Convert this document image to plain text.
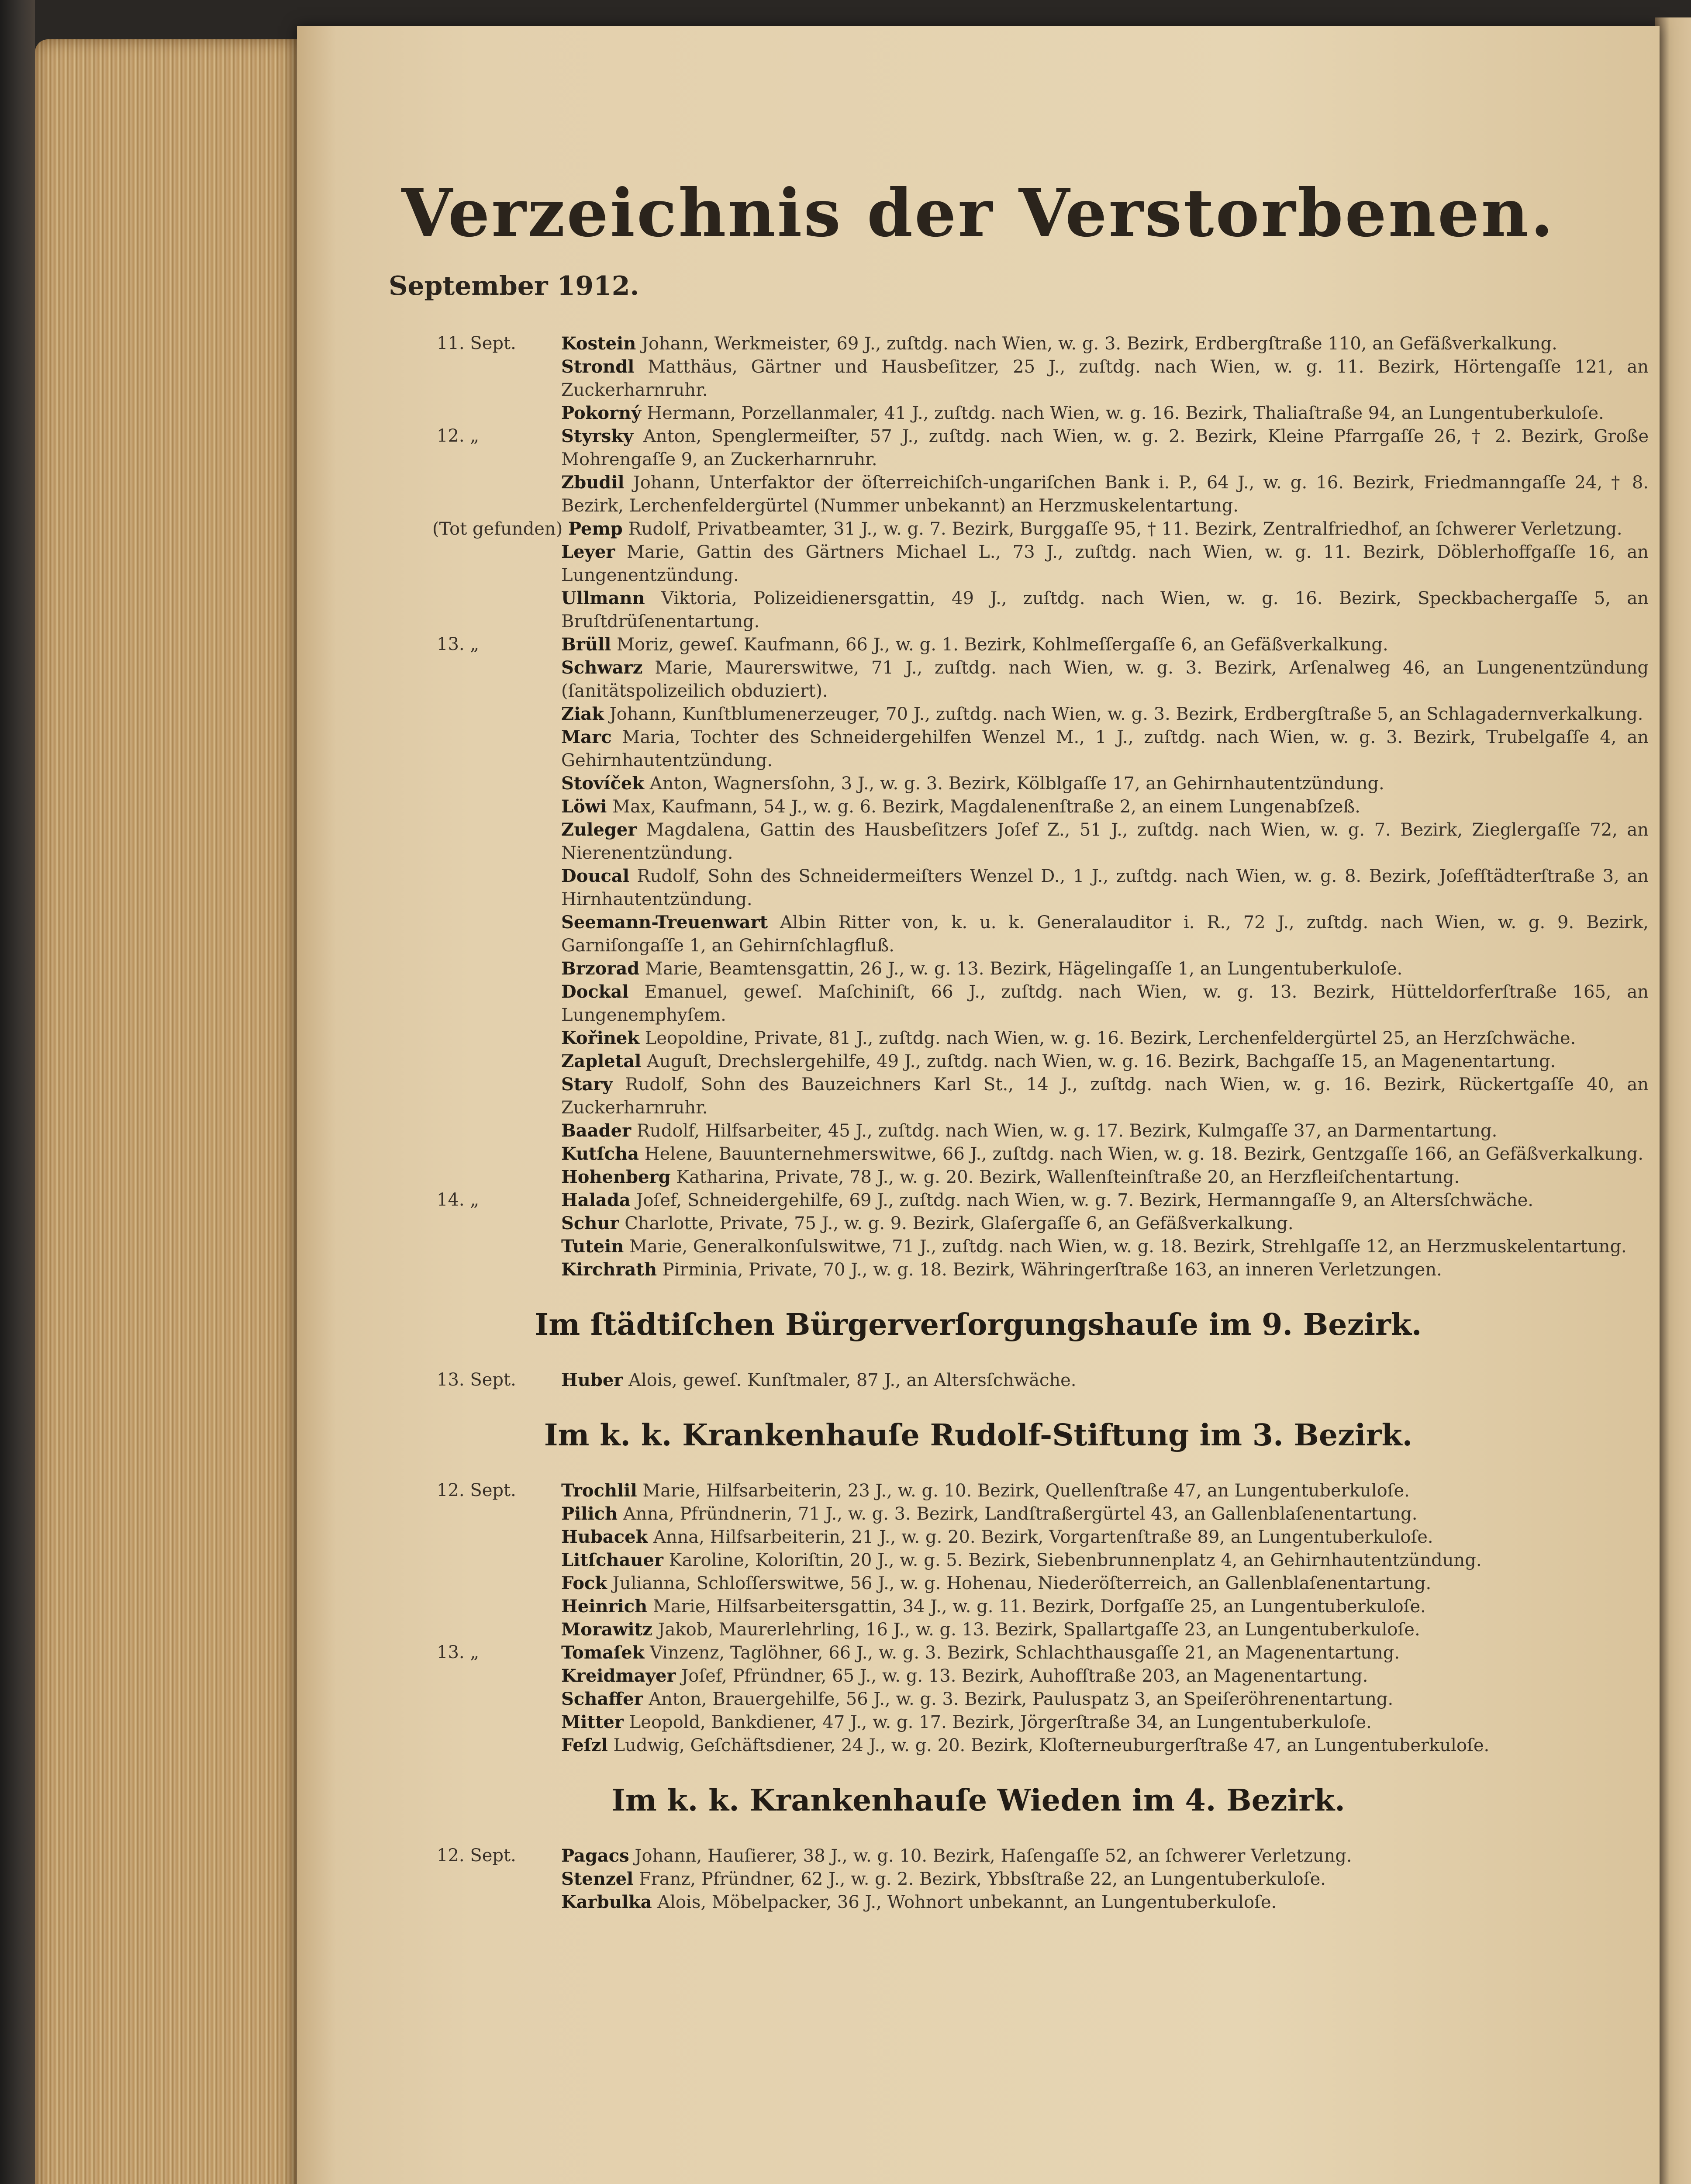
Verzeichnis der Verstorbenen.
September 1912.
11. Sept.	Kostein Johann, Werkmeister, 69 J., zuſtdg. nach Wien, w. g. 3. Bezirk, Erdbergſtraße 110, an Gefäßverkalkung.
Strondl Matthäus, Gärtner und Hausbeſitzer, 25 J., zuſtdg. nach Wien, w. g. 11. Bezirk, Hörtengaſſe 121, an Zuckerharnruhr.
Pokorný Hermann, Porzellanmaler, 41 J., zuſtdg. nach Wien, w. g. 16. Bezirk, Thaliaſtraße 94, an Lungentuberkuloſe.
12. „	Styrsky Anton, Spenglermeiſter, 57 J., zuſtdg. nach Wien, w. g. 2. Bezirk, Kleine Pfarrgaſſe 26, † 2. Bezirk, Große Mohrengaſſe 9, an Zuckerharnruhr.
Zbudil Johann, Unterfaktor der öſterreichiſch-ungariſchen Bank i. P., 64 J., w. g. 16. Bezirk, Friedmanngaſſe 24, † 8. Bezirk, Lerchenfeldergürtel (Nummer unbekannt) an Herzmuskelentartung.
(Tot gefunden) Pemp Rudolf, Privatbeamter, 31 J., w. g. 7. Bezirk, Burggaſſe 95, † 11. Bezirk, Zentralfriedhof, an ſchwerer Verletzung.
Leyer Marie, Gattin des Gärtners Michael L., 73 J., zuſtdg. nach Wien, w. g. 11. Bezirk, Döblerhoffgaſſe 16, an Lungenentzündung.
Ullmann Viktoria, Polizeidienersgattin, 49 J., zuſtdg. nach Wien, w. g. 16. Bezirk, Speckbachergaſſe 5, an Bruſtdrüſenentartung.
13. „	Brüll Moriz, geweſ. Kaufmann, 66 J., w. g. 1. Bezirk, Kohlmeſſergaſſe 6, an Gefäßverkalkung.
Schwarz Marie, Maurerswitwe, 71 J., zuſtdg. nach Wien, w. g. 3. Bezirk, Arſenalweg 46, an Lungenentzündung (ſanitätspolizeilich obduziert).
Ziak Johann, Kunſtblumenerzeuger, 70 J., zuſtdg. nach Wien, w. g. 3. Bezirk, Erdbergſtraße 5, an Schlagadernverkalkung.
Marc Maria, Tochter des Schneidergehilfen Wenzel M., 1 J., zuſtdg. nach Wien, w. g. 3. Bezirk, Trubelgaſſe 4, an Gehirnhautentzündung.
Stovíček Anton, Wagnersſohn, 3 J., w. g. 3. Bezirk, Kölblgaſſe 17, an Gehirnhautentzündung.
Löwi Max, Kaufmann, 54 J., w. g. 6. Bezirk, Magdalenenſtraße 2, an einem Lungenabſzeß.
Zuleger Magdalena, Gattin des Hausbeſitzers Joſef Z., 51 J., zuſtdg. nach Wien, w. g. 7. Bezirk, Zieglergaſſe 72, an Nierenentzündung.
Doucal Rudolf, Sohn des Schneidermeiſters Wenzel D., 1 J., zuſtdg. nach Wien, w. g. 8. Bezirk, Joſefſtädterſtraße 3, an Hirnhautentzündung.
Seemann-Treuenwart Albin Ritter von, k. u. k. Generalauditor i. R., 72 J., zuſtdg. nach Wien, w. g. 9. Bezirk, Garniſongaſſe 1, an Gehirnſchlagfluß.
Brzorad Marie, Beamtensgattin, 26 J., w. g. 13. Bezirk, Hägelingaſſe 1, an Lungentuberkuloſe.
Dockal Emanuel, geweſ. Maſchiniſt, 66 J., zuſtdg. nach Wien, w. g. 13. Bezirk, Hütteldorferſtraße 165, an Lungenemphyſem.
Kořinek Leopoldine, Private, 81 J., zuſtdg. nach Wien, w. g. 16. Bezirk, Lerchenfeldergürtel 25, an Herzſchwäche.
Zapletal Auguſt, Drechslergehilfe, 49 J., zuſtdg. nach Wien, w. g. 16. Bezirk, Bachgaſſe 15, an Magenentartung.
Stary Rudolf, Sohn des Bauzeichners Karl St., 14 J., zuſtdg. nach Wien, w. g. 16. Bezirk, Rückertgaſſe 40, an Zuckerharnruhr.
Baader Rudolf, Hilfsarbeiter, 45 J., zuſtdg. nach Wien, w. g. 17. Bezirk, Kulmgaſſe 37, an Darmentartung.
Kutſcha Helene, Bauunternehmerswitwe, 66 J., zuſtdg. nach Wien, w. g. 18. Bezirk, Gentzgaſſe 166, an Gefäßverkalkung.
Hohenberg Katharina, Private, 78 J., w. g. 20. Bezirk, Wallenſteinſtraße 20, an Herzfleiſchentartung.
14. „	Halada Joſef, Schneidergehilfe, 69 J., zuſtdg. nach Wien, w. g. 7. Bezirk, Hermanngaſſe 9, an Altersſchwäche.
Schur Charlotte, Private, 75 J., w. g. 9. Bezirk, Glaſergaſſe 6, an Gefäßverkalkung.
Tutein Marie, Generalkonſulswitwe, 71 J., zuſtdg. nach Wien, w. g. 18. Bezirk, Strehlgaſſe 12, an Herzmuskelentartung.
Kirchrath Pirminia, Private, 70 J., w. g. 18. Bezirk, Währingerſtraße 163, an inneren Verletzungen.
Im ſtädtiſchen Bürgerverſorgungshauſe im 9. Bezirk.
13. Sept.	Huber Alois, geweſ. Kunſtmaler, 87 J., an Altersſchwäche.
Im k. k. Krankenhauſe Rudolf-Stiftung im 3. Bezirk.
12. Sept.	Trochlil Marie, Hilfsarbeiterin, 23 J., w. g. 10. Bezirk, Quellenſtraße 47, an Lungentuberkuloſe.
Pilich Anna, Pfründnerin, 71 J., w. g. 3. Bezirk, Landſtraßergürtel 43, an Gallenblaſenentartung.
Hubacek Anna, Hilfsarbeiterin, 21 J., w. g. 20. Bezirk, Vorgartenſtraße 89, an Lungentuberkuloſe.
Litſchauer Karoline, Koloriſtin, 20 J., w. g. 5. Bezirk, Siebenbrunnenplatz 4, an Gehirnhautentzündung.
Fock Julianna, Schloſſerswitwe, 56 J., w. g. Hohenau, Niederöſterreich, an Gallenblaſenentartung.
Heinrich Marie, Hilfsarbeitersgattin, 34 J., w. g. 11. Bezirk, Dorfgaſſe 25, an Lungentuberkuloſe.
Morawitz Jakob, Maurerlehrling, 16 J., w. g. 13. Bezirk, Spallartgaſſe 23, an Lungentuberkuloſe.
13. „	Tomaſek Vinzenz, Taglöhner, 66 J., w. g. 3. Bezirk, Schlachthausgaſſe 21, an Magenentartung.
Kreidmayer Joſef, Pfründner, 65 J., w. g. 13. Bezirk, Auhofſtraße 203, an Magenentartung.
Schaffer Anton, Brauergehilfe, 56 J., w. g. 3. Bezirk, Pauluspatz 3, an Speiſeröhrenentartung.
Mitter Leopold, Bankdiener, 47 J., w. g. 17. Bezirk, Jörgerſtraße 34, an Lungentuberkuloſe.
Feſzl Ludwig, Geſchäftsdiener, 24 J., w. g. 20. Bezirk, Kloſterneuburgerſtraße 47, an Lungentuberkuloſe.
Im k. k. Krankenhauſe Wieden im 4. Bezirk.
12. Sept.	Pagacs Johann, Hauſierer, 38 J., w. g. 10. Bezirk, Haſengaſſe 52, an ſchwerer Verletzung.
Stenzel Franz, Pfründner, 62 J., w. g. 2. Bezirk, Ybbsſtraße 22, an Lungentuberkuloſe.
Karbulka Alois, Möbelpacker, 36 J., Wohnort unbekannt, an Lungentuberkuloſe.
